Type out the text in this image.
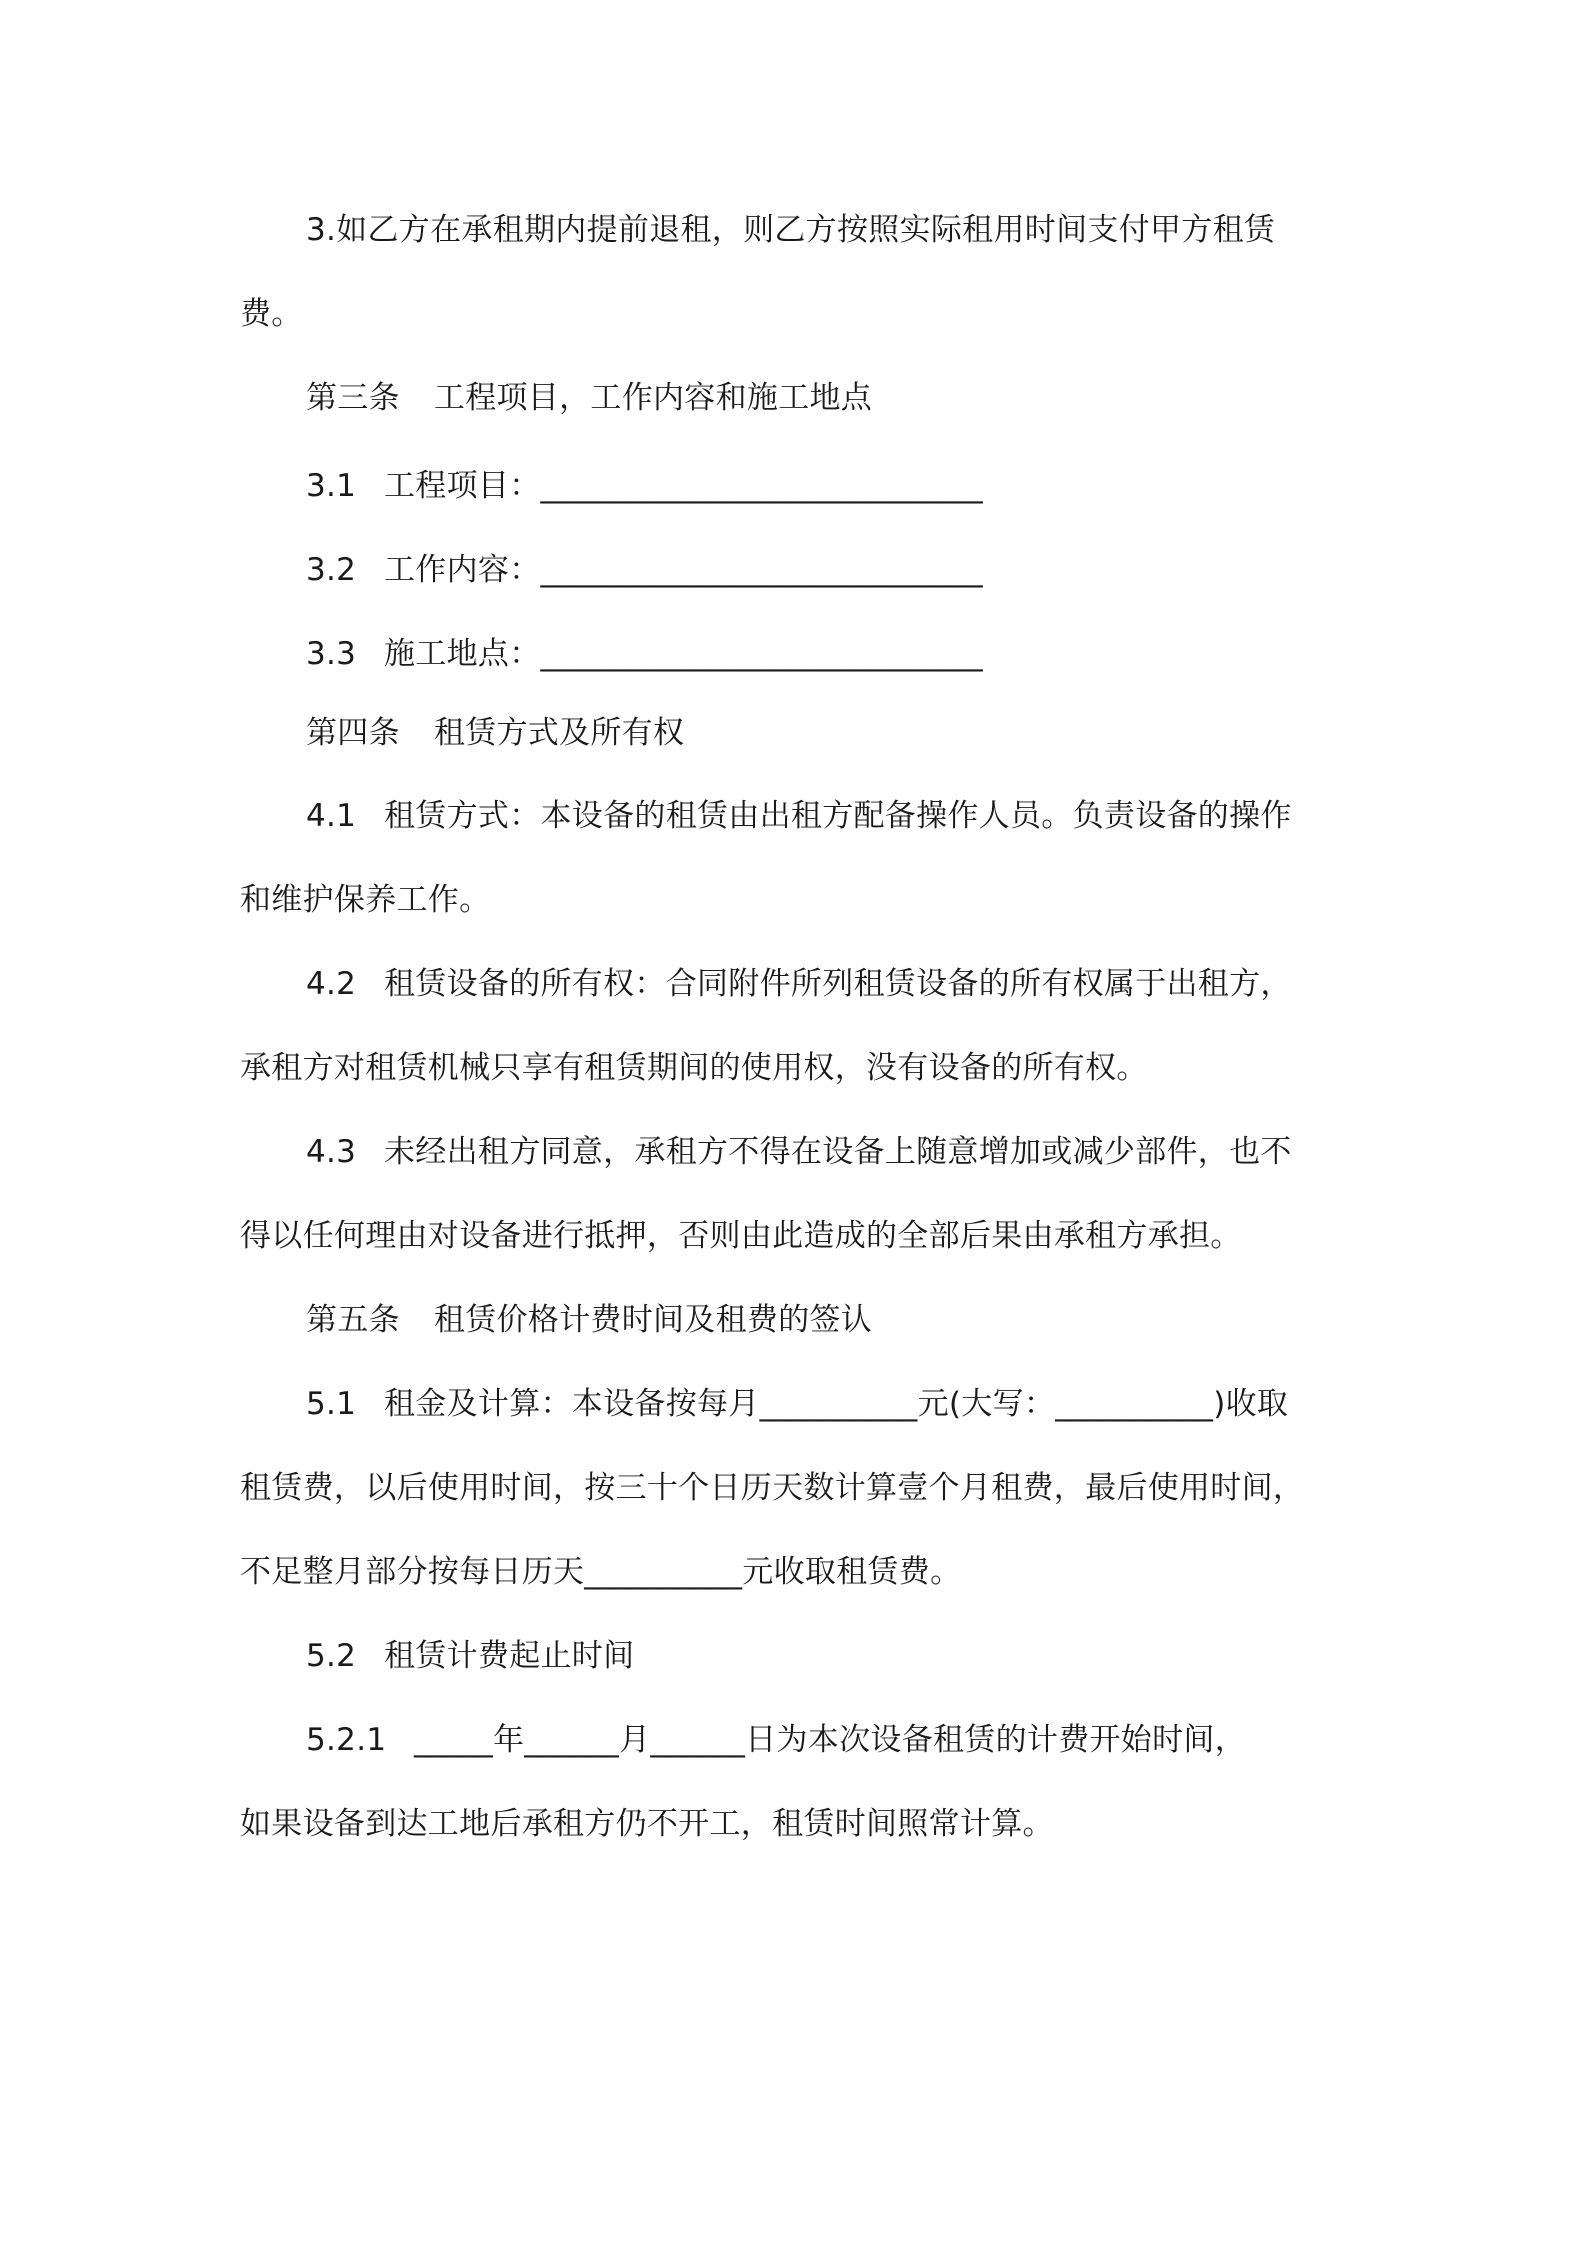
3.如乙方在承租期内提前退租，则乙方按照实际租用时间支付甲方租赁
费。
第三条 工程项目，工作内容和施工地点
3.1 工程项目：____________________________
3.2 工作内容：____________________________
3.3 施工地点：____________________________
第四条 租赁方式及所有权
4.1 租赁方式：本设备的租赁由出租方配备操作人员。负责设备的操作
和维护保养工作。
4.2 租赁设备的所有权：合同附件所列租赁设备的所有权属于出租方，
承租方对租赁机械只享有租赁期间的使用权，没有设备的所有权。
4.3 未经出租方同意，承租方不得在设备上随意增加或减少部件，也不
得以任何理由对设备进行抵押，否则由此造成的全部后果由承租方承担。
第五条 租赁价格计费时间及租费的签认
5.1 租金及计算：本设备按每月__________元(大写：__________)收取
租赁费，以后使用时间，按三十个日历天数计算壹个月租费，最后使用时间，
不足整月部分按每日历天__________元收取租赁费。
5.2 租赁计费起止时间
5.2.1 _____年______月______日为本次设备租赁的计费开始时间，
如果设备到达工地后承租方仍不开工，租赁时间照常计算。
